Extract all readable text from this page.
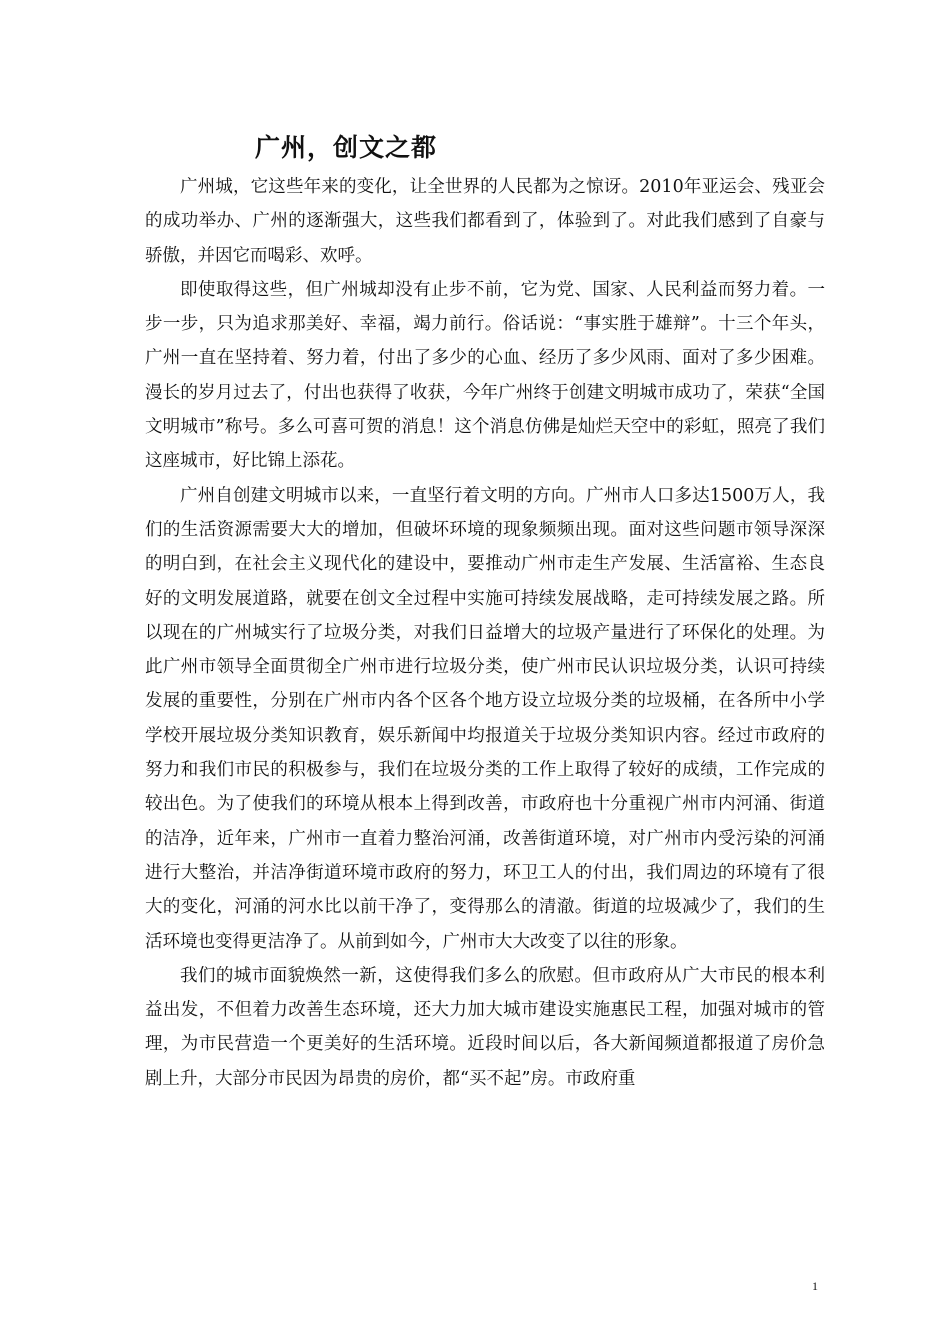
广州，创文之都

广州城，它这些年来的变化，让全世界的人民都为之惊讶。2010年亚运会、残亚会的成功举办、广州的逐渐强大，这些我们都看到了，体验到了。对此我们感到了自豪与骄傲，并因它而喝彩、欢呼。

即使取得这些，但广州城却没有止步不前，它为党、国家、人民利益而努力着。一步一步，只为追求那美好、幸福，竭力前行。俗话说：“事实胜于雄辩”。十三个年头，广州一直在坚持着、努力着，付出了多少的心血、经历了多少风雨、面对了多少困难。漫长的岁月过去了，付出也获得了收获，今年广州终于创建文明城市成功了，荣获“全国文明城市”称号。多么可喜可贺的消息！这个消息仿佛是灿烂天空中的彩虹，照亮了我们这座城市，好比锦上添花。

广州自创建文明城市以来，一直坚行着文明的方向。广州市人口多达1500万人，我们的生活资源需要大大的增加，但破坏环境的现象频频出现。面对这些问题市领导深深的明白到，在社会主义现代化的建设中，要推动广州市走生产发展、生活富裕、生态良好的文明发展道路，就要在创文全过程中实施可持续发展战略，走可持续发展之路。所以现在的广州城实行了垃圾分类，对我们日益增大的垃圾产量进行了环保化的处理。为此广州市领导全面贯彻全广州市进行垃圾分类，使广州市民认识垃圾分类，认识可持续发展的重要性，分别在广州市内各个区各个地方设立垃圾分类的垃圾桶，在各所中小学学校开展垃圾分类知识教育，娱乐新闻中均报道关于垃圾分类知识内容。经过市政府的努力和我们市民的积极参与，我们在垃圾分类的工作上取得了较好的成绩，工作完成的较出色。为了使我们的环境从根本上得到改善，市政府也十分重视广州市内河涌、街道的洁净，近年来，广州市一直着力整治河涌，改善街道环境，对广州市内受污染的河涌进行大整治，并洁净街道环境市政府的努力，环卫工人的付出，我们周边的环境有了很大的变化，河涌的河水比以前干净了，变得那么的清澈。街道的垃圾减少了，我们的生活环境也变得更洁净了。从前到如今，广州市大大改变了以往的形象。

我们的城市面貌焕然一新，这使得我们多么的欣慰。但市政府从广大市民的根本利益出发，不但着力改善生态环境，还大力加大城市建设实施惠民工程，加强对城市的管理，为市民营造一个更美好的生活环境。近段时间以后，各大新闻频道都报道了房价急剧上升，大部分市民因为昂贵的房价，都“买不起”房。市政府重

1
